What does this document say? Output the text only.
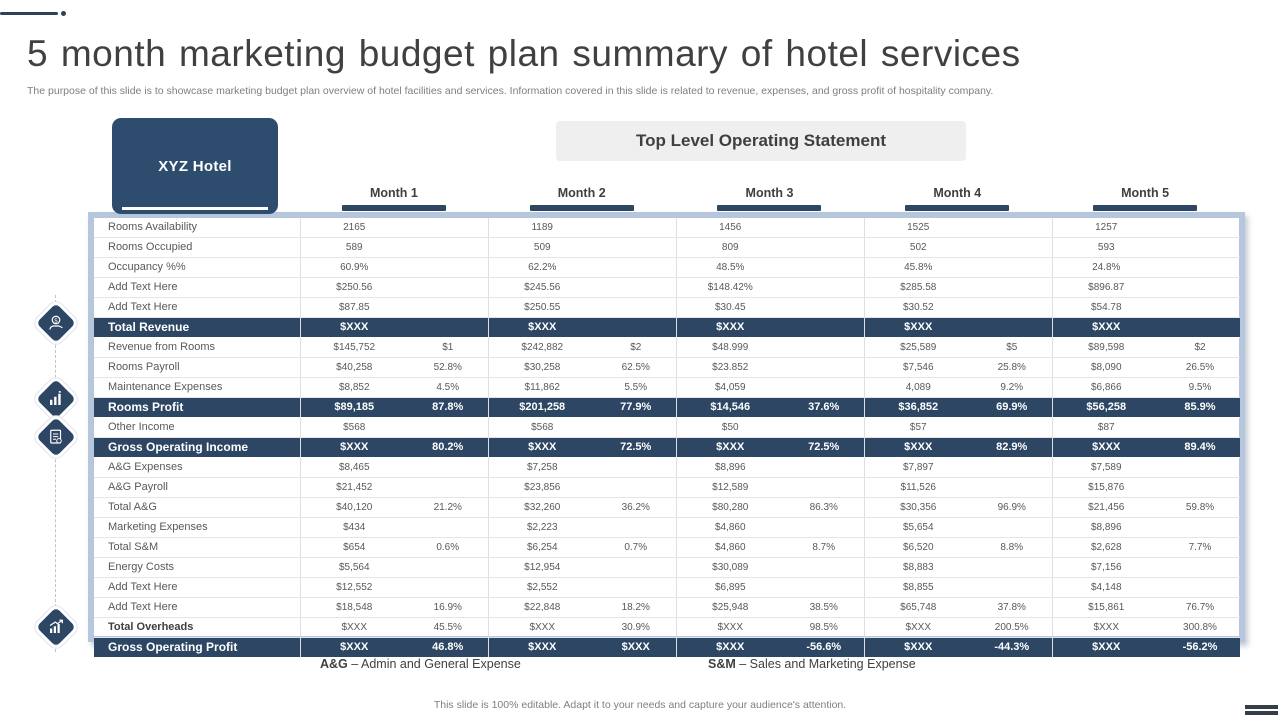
5 month marketing budget plan summary of hotel services

The purpose of this slide is to showcase marketing budget plan overview of hotel facilities and services. Information covered in this slide is related to revenue, expenses, and gross profit of hospitality company.

XYZ Hotel
Top Level Operating Statement
Month 1	Month 2	Month 3	Month 4	Month 5
$
Rooms Availability	2165		1189		1456		1525		1257	
Rooms Occupied	589		509		809		502		593	
Occupancy %%	60.9%		62.2%		48.5%		45.8%		24.8%	
Add Text Here	$250.56		$245.56		$148.42%		$285.58		$896.87	
Add Text Here	$87.85		$250.55		$30.45		$30.52		$54.78	
Total Revenue	$XXX		$XXX		$XXX		$XXX		$XXX	
Revenue from Rooms	$145,752	$1	$242,882	$2	$48.999		$25,589	$5	$89,598	$2
Rooms Payroll	$40,258	52.8%	$30,258	62.5%	$23.852		$7,546	25.8%	$8,090	26.5%
Maintenance Expenses	$8,852	4.5%	$11,862	5.5%	$4,059		4,089	9.2%	$6,866	9.5%
Rooms Profit	$89,185	87.8%	$201,258	77.9%	$14,546	37.6%	$36,852	69.9%	$56,258	85.9%
Other Income	$568		$568		$50		$57		$87	
Gross Operating Income	$XXX	80.2%	$XXX	72.5%	$XXX	72.5%	$XXX	82.9%	$XXX	89.4%
A&G Expenses	$8,465		$7,258		$8,896		$7,897		$7,589	
A&G Payroll	$21,452		$23,856		$12,589		$11,526		$15,876	
Total A&G	$40,120	21.2%	$32,260	36.2%	$80,280	86.3%	$30,356	96.9%	$21,456	59.8%
Marketing Expenses	$434		$2,223		$4,860		$5,654		$8,896	
Total S&M	$654	0.6%	$6,254	0.7%	$4,860	8.7%	$6,520	8.8%	$2,628	7.7%
Energy Costs	$5,564		$12,954		$30,089		$8,883		$7,156	
Add Text Here	$12,552		$2,552		$6,895		$8,855		$4,148	
Add Text Here	$18,548	16.9%	$22,848	18.2%	$25,948	38.5%	$65,748	37.8%	$15,861	76.7%
Total Overheads	$XXX	45.5%	$XXX	30.9%	$XXX	98.5%	$XXX	200.5%	$XXX	300.8%
Gross Operating Profit	$XXX	46.8%	$XXX	$XXX	$XXX	-56.6%	$XXX	-44.3%	$XXX	-56.2%
A&G – Admin and General Expense	S&M – Sales and Marketing Expense
This slide is 100% editable. Adapt it to your needs and capture your audience's attention.
